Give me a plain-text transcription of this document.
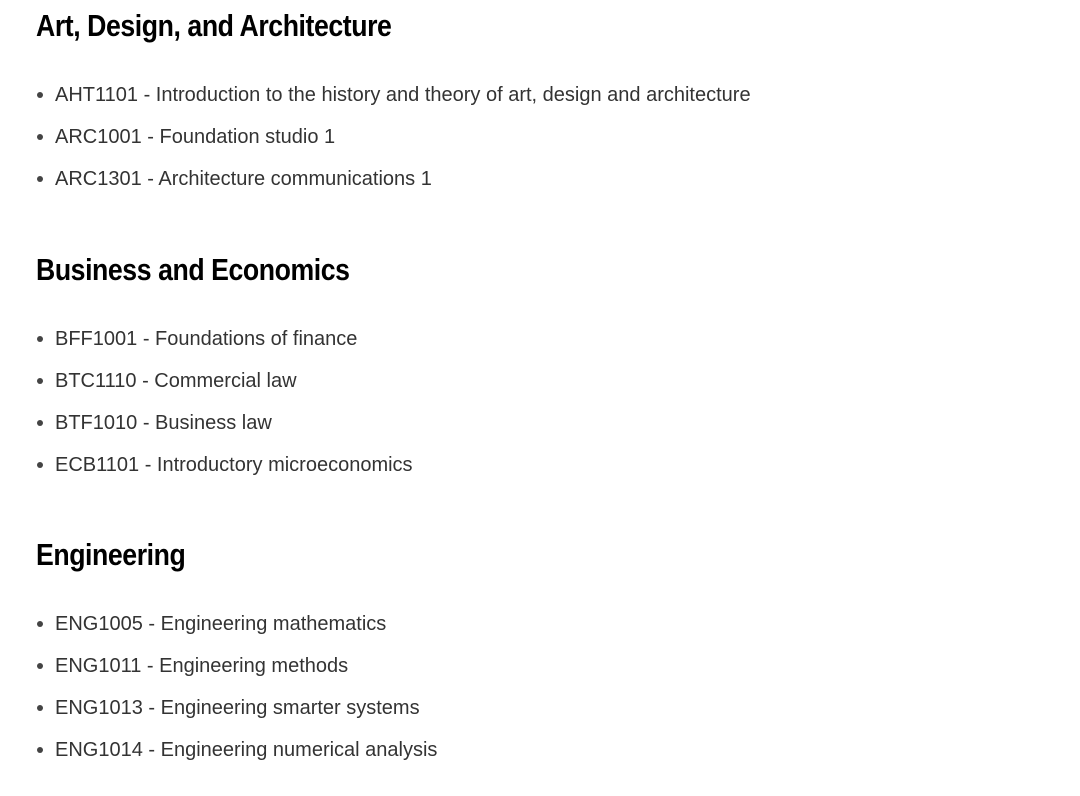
Art, Design, and Architecture
AHT1101 - Introduction to the history and theory of art, design and architecture
ARC1001 - Foundation studio 1
ARC1301 - Architecture communications 1
Business and Economics
BFF1001 - Foundations of finance
BTC1110 - Commercial law
BTF1010 - Business law
ECB1101 - Introductory microeconomics
Engineering
ENG1005 - Engineering mathematics
ENG1011 - Engineering methods
ENG1013 - Engineering smarter systems
ENG1014 - Engineering numerical analysis
